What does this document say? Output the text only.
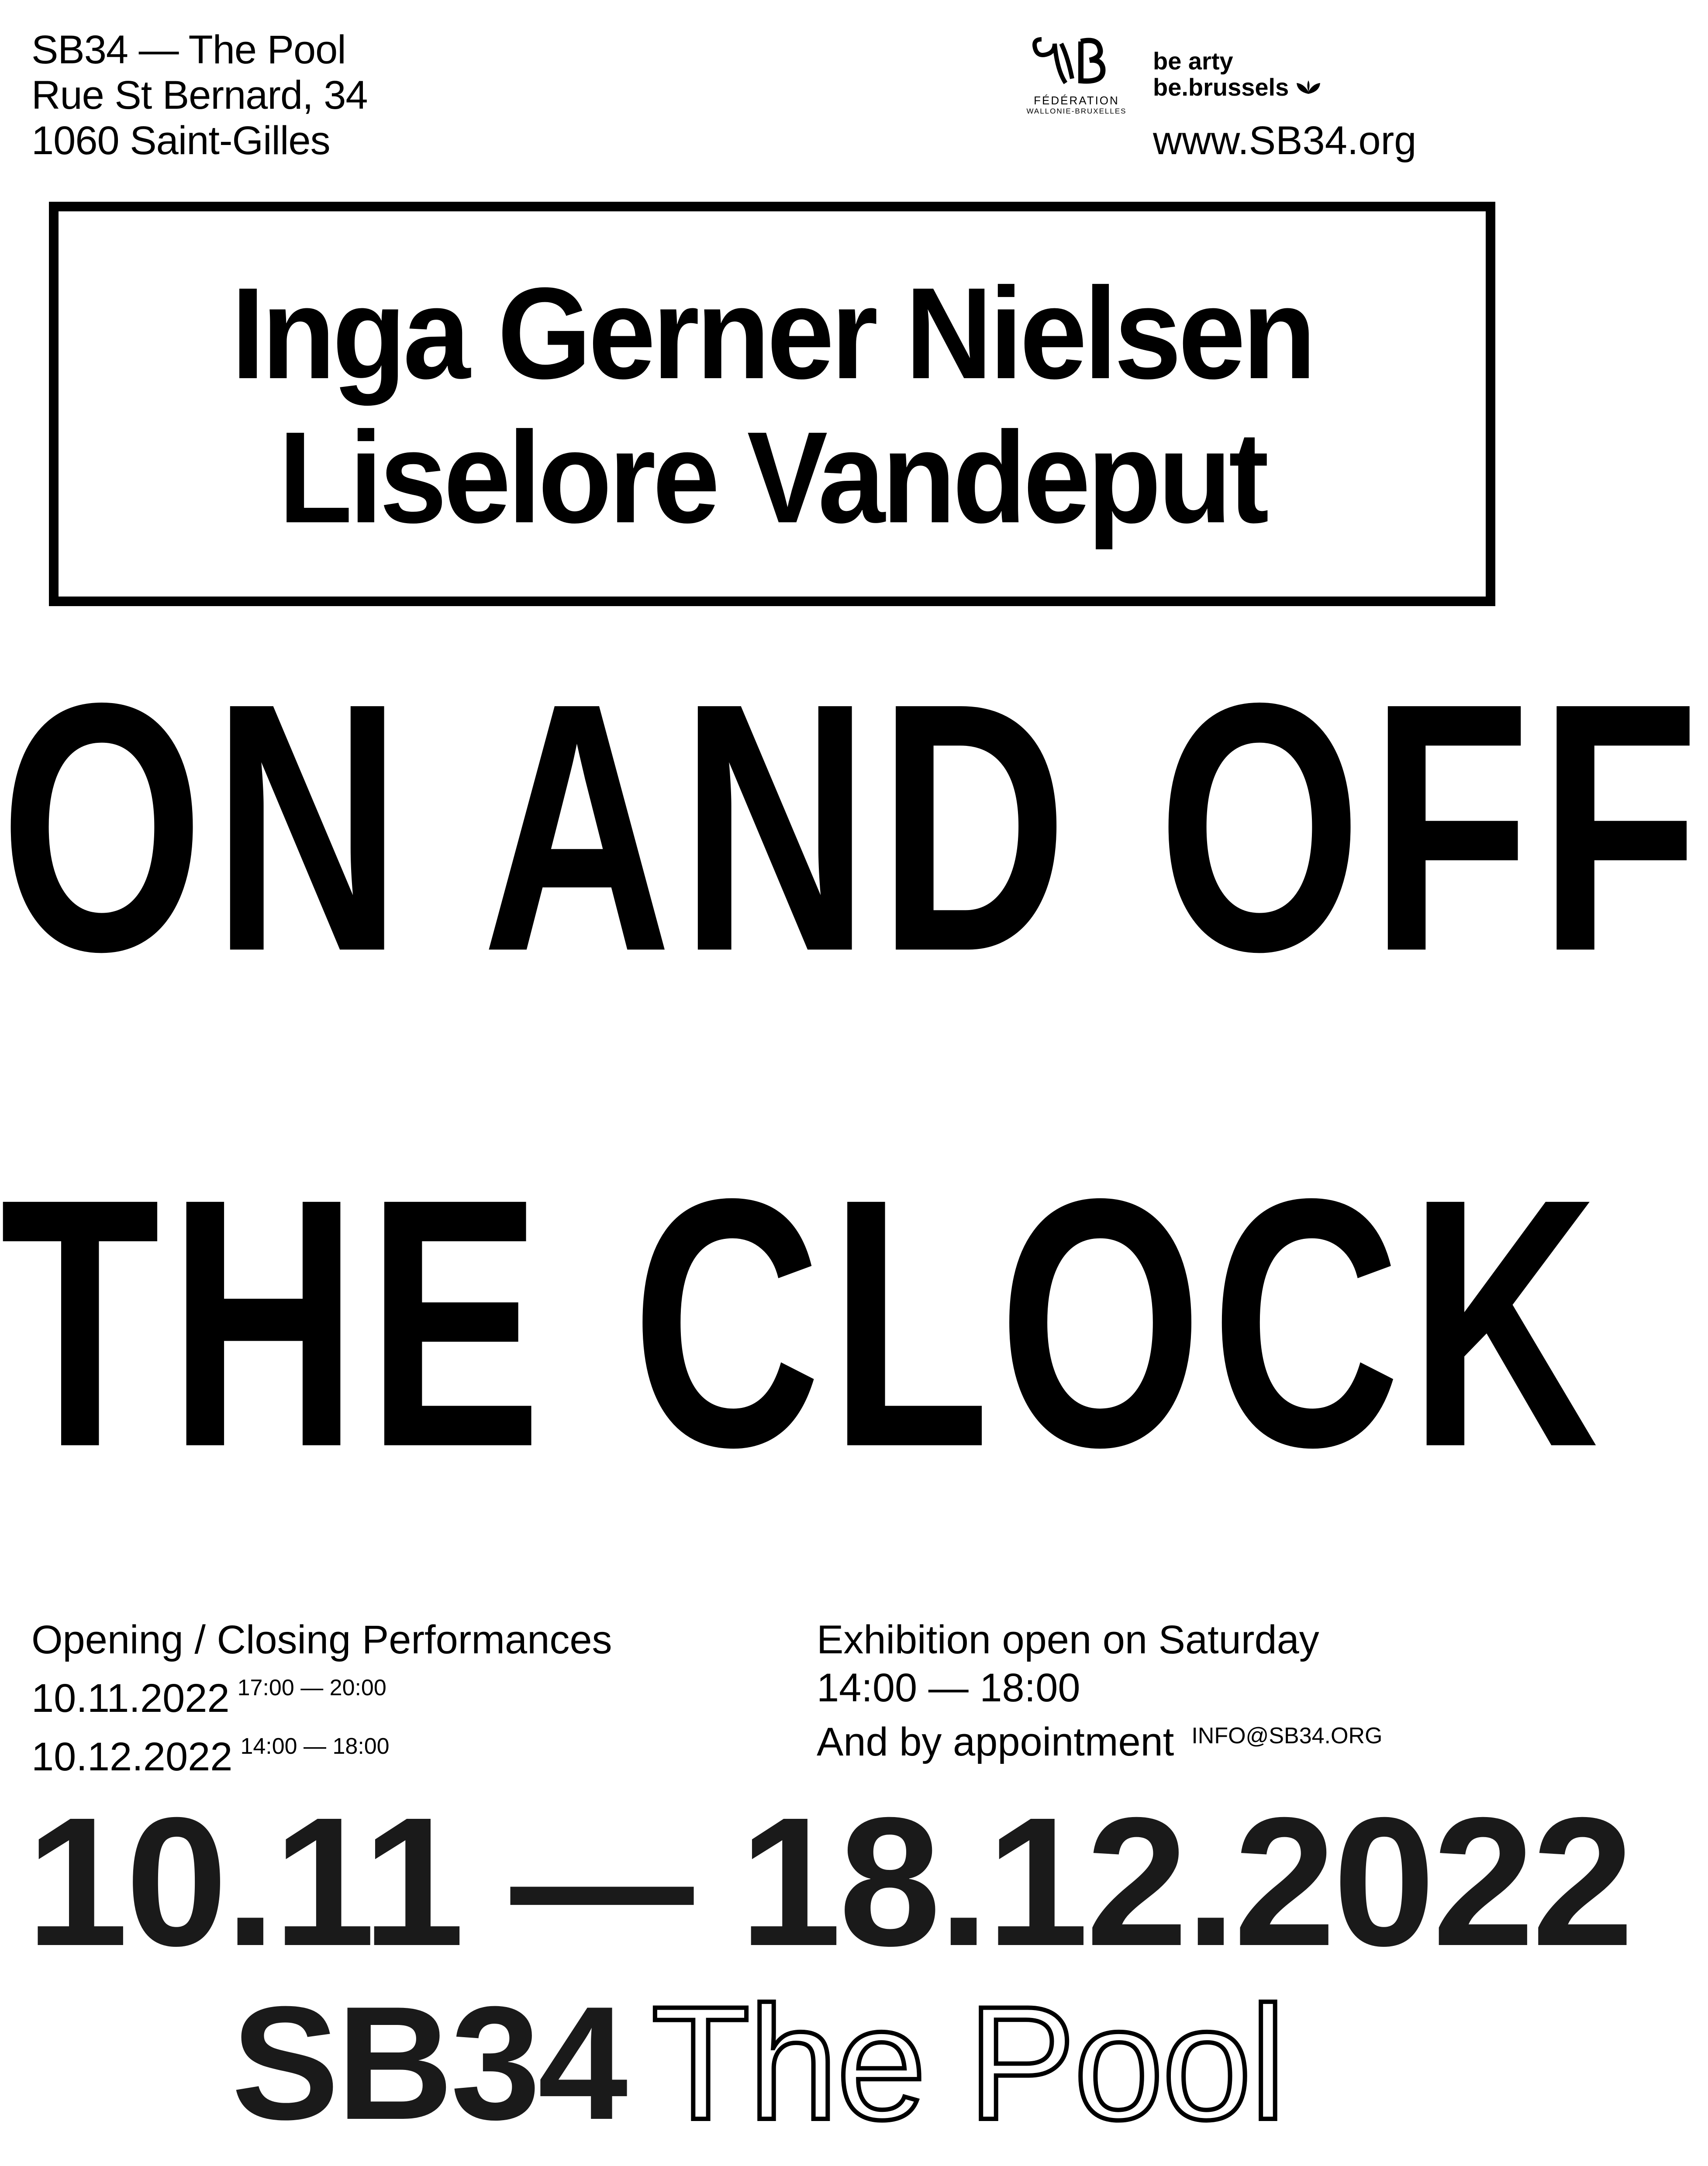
SB34 — The Pool
Rue St Bernard, 34
1060 Saint-Gilles
FÉDÉRATION
WALLONIE-BRUXELLES
be arty
be.brussels
www.SB34.org
Inga Gerner Nielsen
Liselore Vandeput
ON AND OFF
THE CLOCK
Opening / Closing Performances
10.11.2022 $^{17:00 — 20:00}$
10.12.2022 $^{14:00 — 18:00}$
Exhibition open on Saturday
14:00 — 18:00
And by appointment $^{INFO@SB34.ORG}$
10.11 — 18.12.2022
SB34 The Pool
